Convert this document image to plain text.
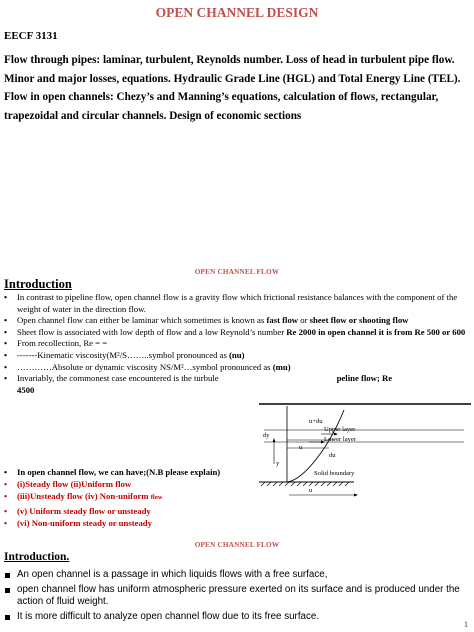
OPEN CHANNEL DESIGN
EECF 3131
Flow through pipes: laminar, turbulent, Reynolds number. Loss of head in turbulent pipe flow. Minor and major losses, equations. Hydraulic Grade Line (HGL) and Total Energy Line (TEL). Flow in open channels: Chezy’s and Manning’s equations, calculation of flows, rectangular, trapezoidal and circular channels. Design of economic sections
OPEN CHANNEL FLOW
Introduction
• In contrast to pipeline flow, open channel flow is a gravity flow which frictional resistance balances with the component of the weight of water in the direction flow.
• Open channel flow can either be laminar which sometimes is known as fast flow or sheet flow or shooting flow
• Sheet flow is associated with low depth of flow and a low Reynold’s number Re 2000 in open channel it is from Re 500 or 600
• From recollection, Re = =
• -------Kinematic viscosity(M²/S……..symbol pronounced as (nu)
• …………Absolute or dynamic viscosity NS/M²…symbol pronounced as (mu)
• Invariably, the commonest case encountered is the turbule	peline flow; Re
4500
u+du
Upper layer
Lower layer
du
dy
u
y
Solid boundary
u
• In open channel flow, we can have;(N.B please explain)
• (i)Steady flow (ii)Uniform flow
• (iii)Unsteady flow (iv) Non-uniform flow
• (v) Uniform steady flow or unsteady
• (vi) Non-uniform steady or unsteady
OPEN CHANNEL FLOW
Introduction.
An open channel is a passage in which liquids flows with a free surface,
open channel flow has uniform atmospheric pressure exerted on its surface and is produced under the action of fluid weight.
It is more difficult to analyze open channel flow due to its free surface.
1
